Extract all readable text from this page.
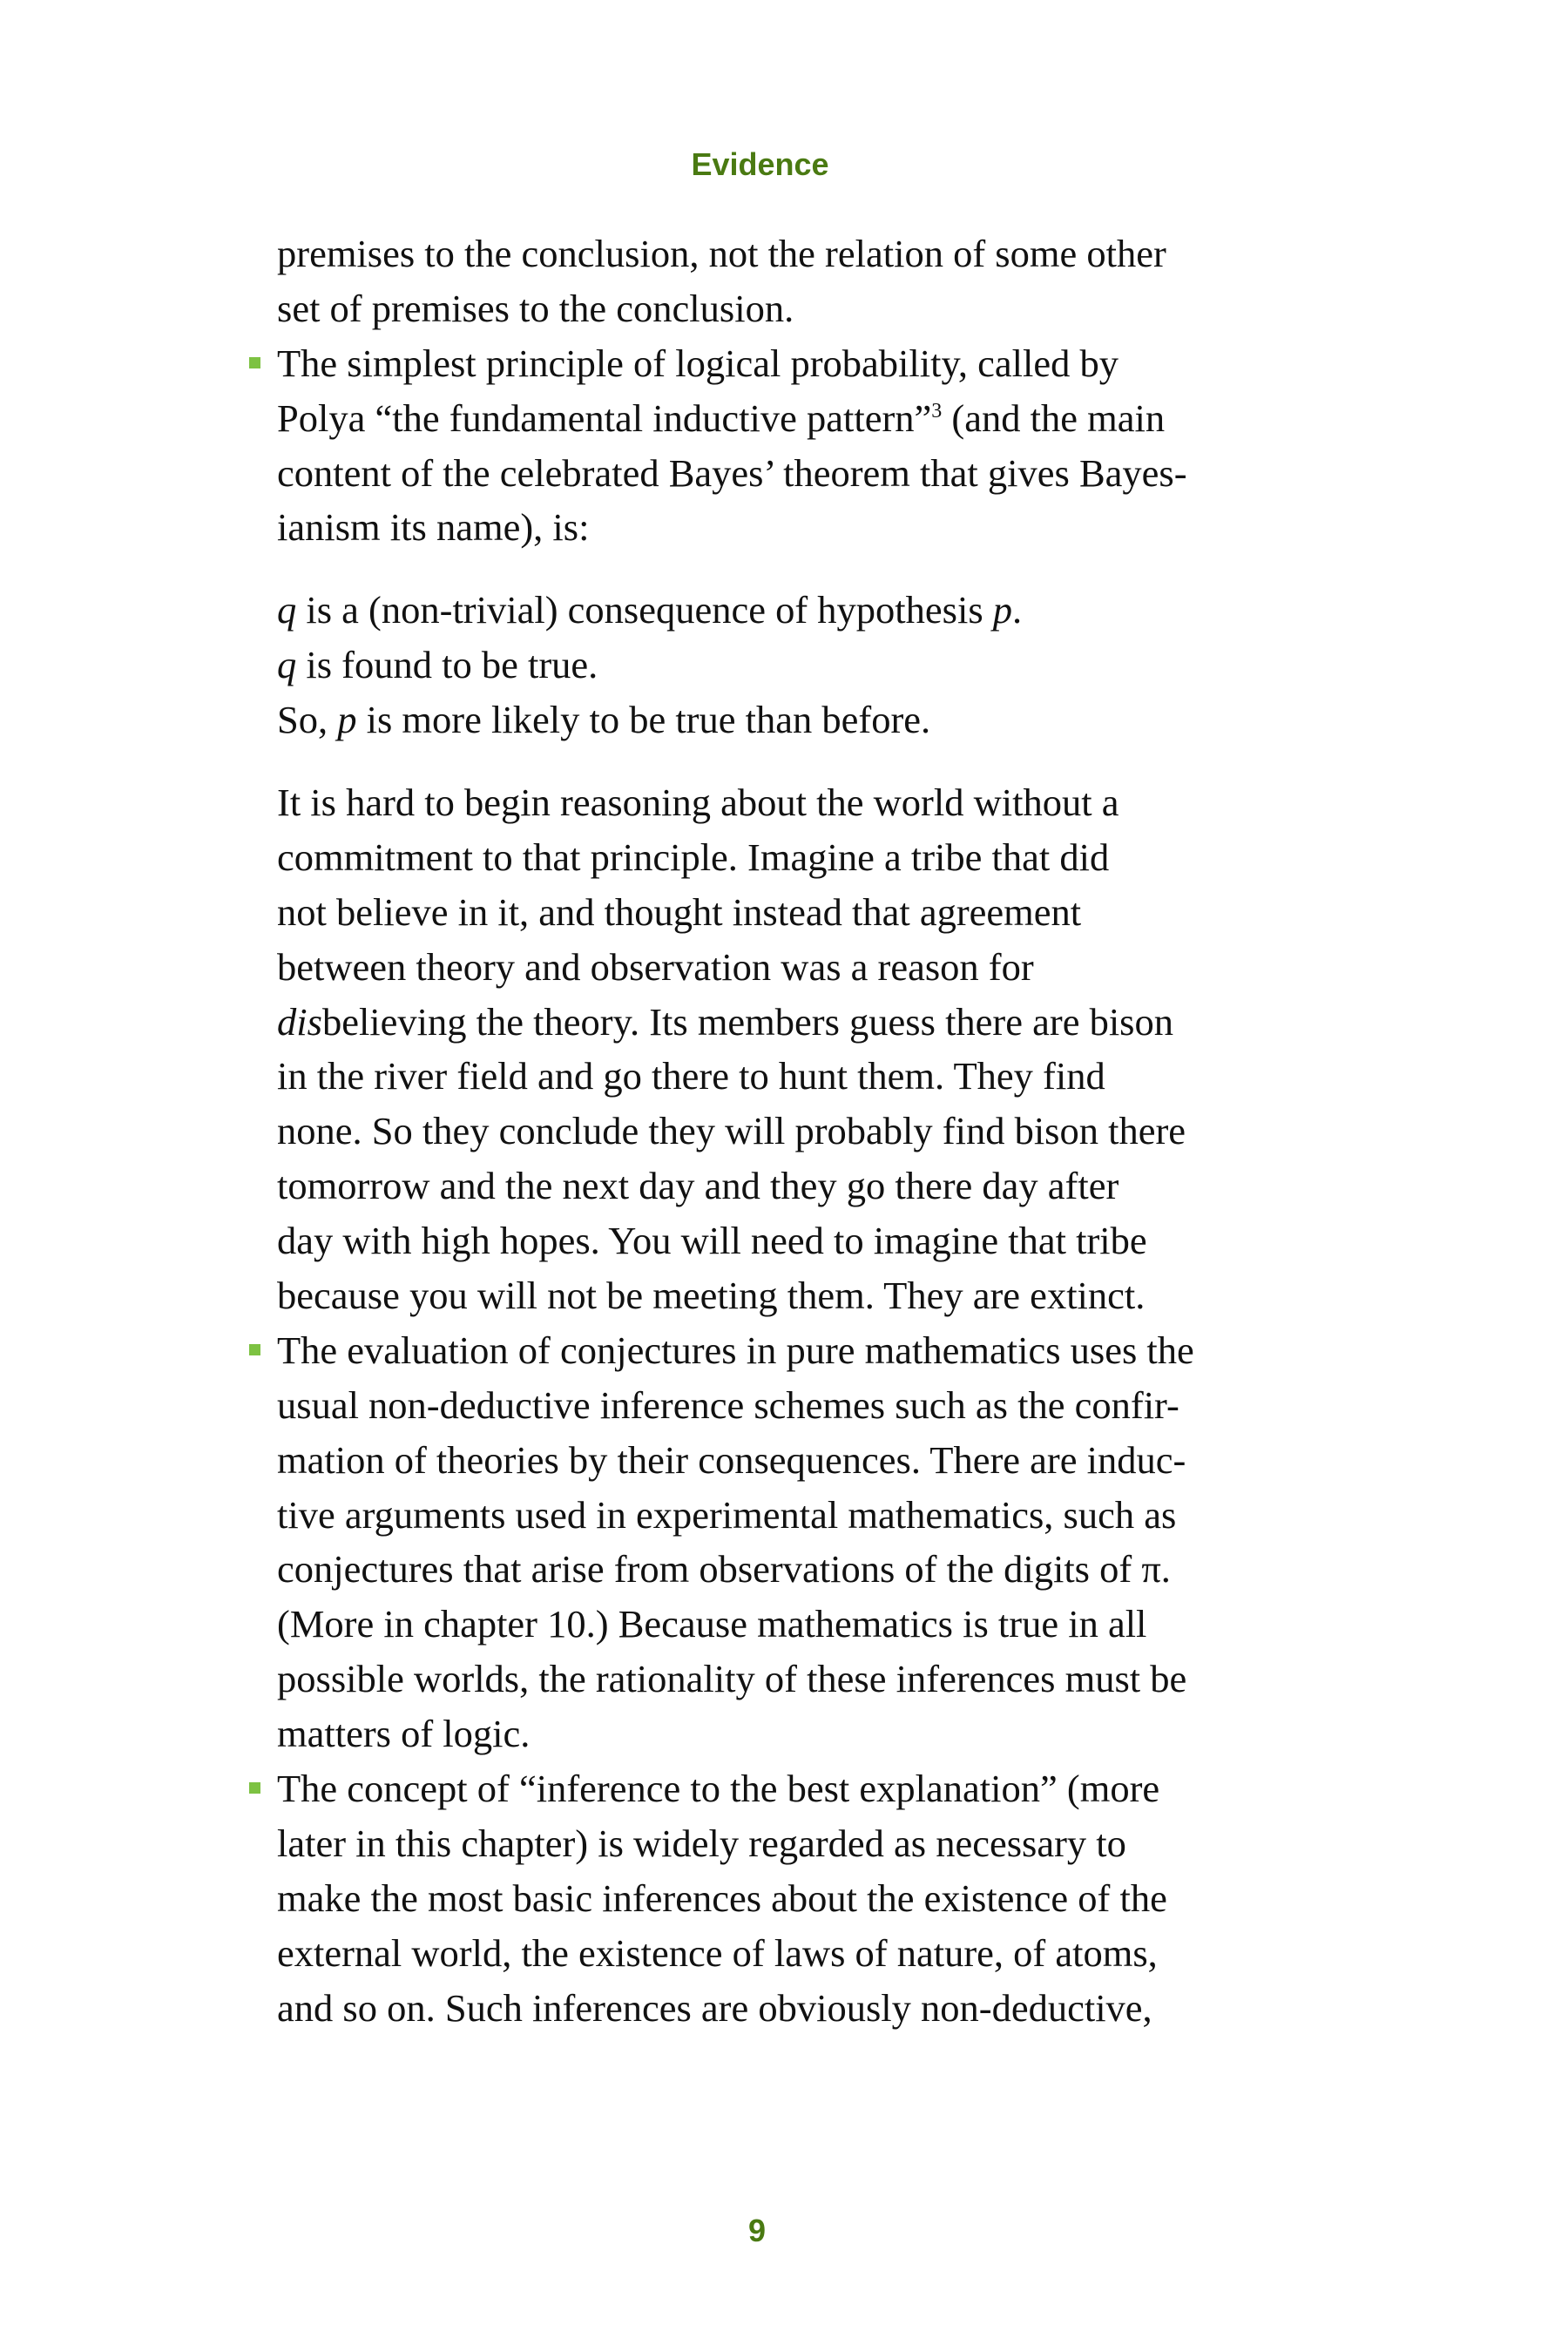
Evidence
premises to the conclusion, not the relation of some other
set of premises to the conclusion.
The simplest principle of logical probability, called by
Polya “the fundamental inductive pattern”$^3$ (and the main
content of the celebrated Bayes’ theorem that gives Bayes-
ianism its name), is:
q is a (non-trivial) consequence of hypothesis p.
q is found to be true.
So, p is more likely to be true than before.
It is hard to begin reasoning about the world without a
commitment to that principle. Imagine a tribe that did
not believe in it, and thought instead that agreement
between theory and observation was a reason for
disbelieving the theory. Its members guess there are bison
in the river field and go there to hunt them. They find
none. So they conclude they will probably find bison there
tomorrow and the next day and they go there day after
day with high hopes. You will need to imagine that tribe
because you will not be meeting them. They are extinct.
The evaluation of conjectures in pure mathematics uses the
usual non-deductive inference schemes such as the confir-
mation of theories by their consequences. There are induc-
tive arguments used in experimental mathematics, such as
conjectures that arise from observations of the digits of π.
(More in chapter 10.) Because mathematics is true in all
possible worlds, the rationality of these inferences must be
matters of logic.
The concept of “inference to the best explanation” (more
later in this chapter) is widely regarded as necessary to
make the most basic inferences about the existence of the
external world, the existence of laws of nature, of atoms,
and so on. Such inferences are obviously non-deductive,
9
